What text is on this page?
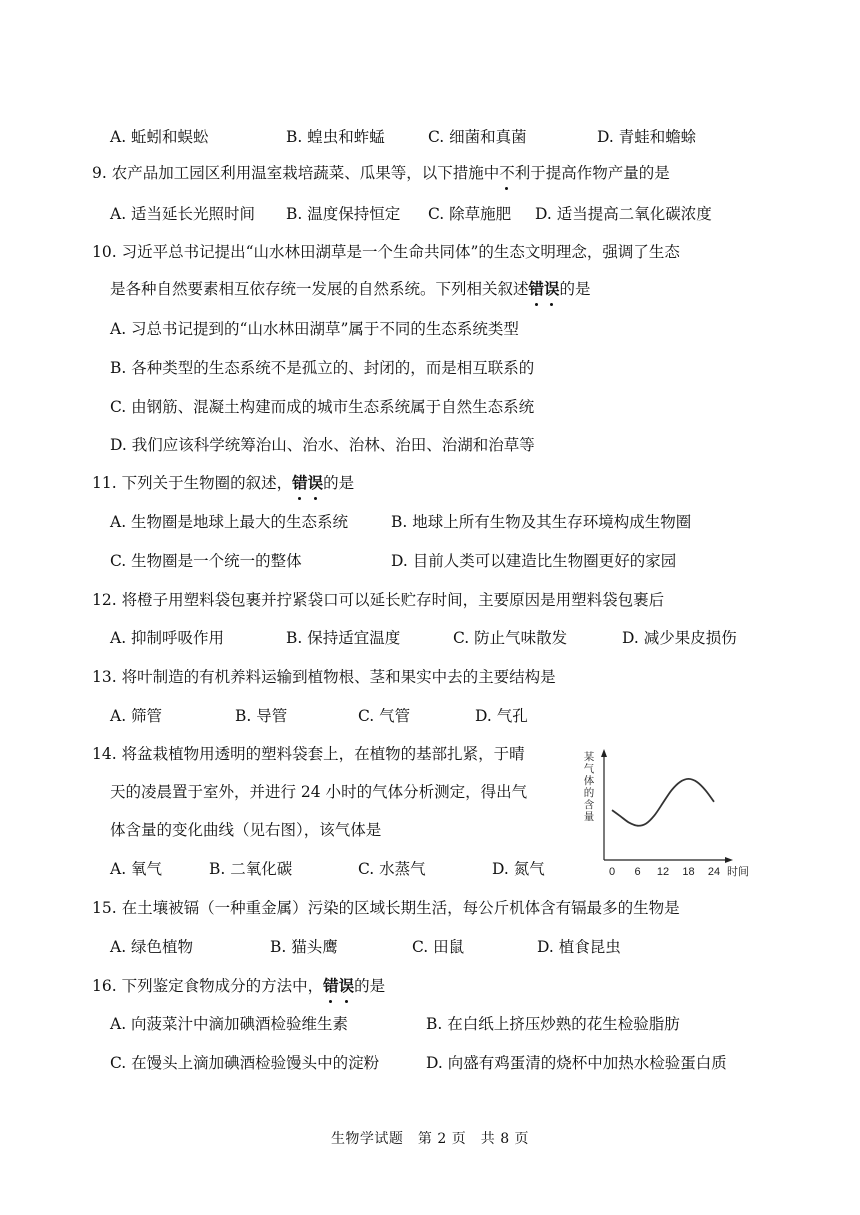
A. 蚯蚓和蜈蚣	B. 蝗虫和蚱蜢	C. 细菌和真菌	D. 青蛙和蟾蜍
9. 农产品加工园区利用温室栽培蔬菜、瓜果等，以下措施中不利于提高作物产量的是
A. 适当延长光照时间 B. 温度保持恒定 C. 除草施肥 D. 适当提高二氧化碳浓度
10. 习近平总书记提出“山水林田湖草是一个生命共同体”的生态文明理念，强调了生态
是各种自然要素相互依存统一发展的自然系统。下列相关叙述错误的是
A. 习总书记提到的“山水林田湖草”属于不同的生态系统类型
B. 各种类型的生态系统不是孤立的、封闭的，而是相互联系的
C. 由钢筋、混凝土构建而成的城市生态系统属于自然生态系统
D. 我们应该科学统筹治山、治水、治林、治田、治湖和治草等
11. 下列关于生物圈的叙述，错误的是
A. 生物圈是地球上最大的生态系统	B. 地球上所有生物及其生存环境构成生物圈
C. 生物圈是一个统一的整体	D. 目前人类可以建造比生物圈更好的家园
12. 将橙子用塑料袋包裹并拧紧袋口可以延长贮存时间，主要原因是用塑料袋包裹后
A. 抑制呼吸作用	B. 保持适宜温度	C. 防止气味散发	D. 减少果皮损伤
13. 将叶制造的有机养料运输到植物根、茎和果实中去的主要结构是
A. 筛管	B. 导管	C. 气管	D. 气孔
14. 将盆栽植物用透明的塑料袋套上，在植物的基部扎紧，于晴
天的凌晨置于室外，并进行 24 小时的气体分析测定，得出气
体含量的变化曲线（见右图），该气体是
A. 氧气	B. 二氧化碳	C. 水蒸气	D. 氮气
某
气
体
的
含
量
0 6 12 18 24 时间
15. 在土壤被镉（一种重金属）污染的区域长期生活，每公斤机体含有镉最多的生物是
A. 绿色植物	B. 猫头鹰	C. 田鼠	D. 植食昆虫
16. 下列鉴定食物成分的方法中，错误的是
A. 向菠菜汁中滴加碘酒检验维生素	B. 在白纸上挤压炒熟的花生检验脂肪
C. 在馒头上滴加碘酒检验馒头中的淀粉	D. 向盛有鸡蛋清的烧杯中加热水检验蛋白质
生物学试题　第 2 页　共 8 页
